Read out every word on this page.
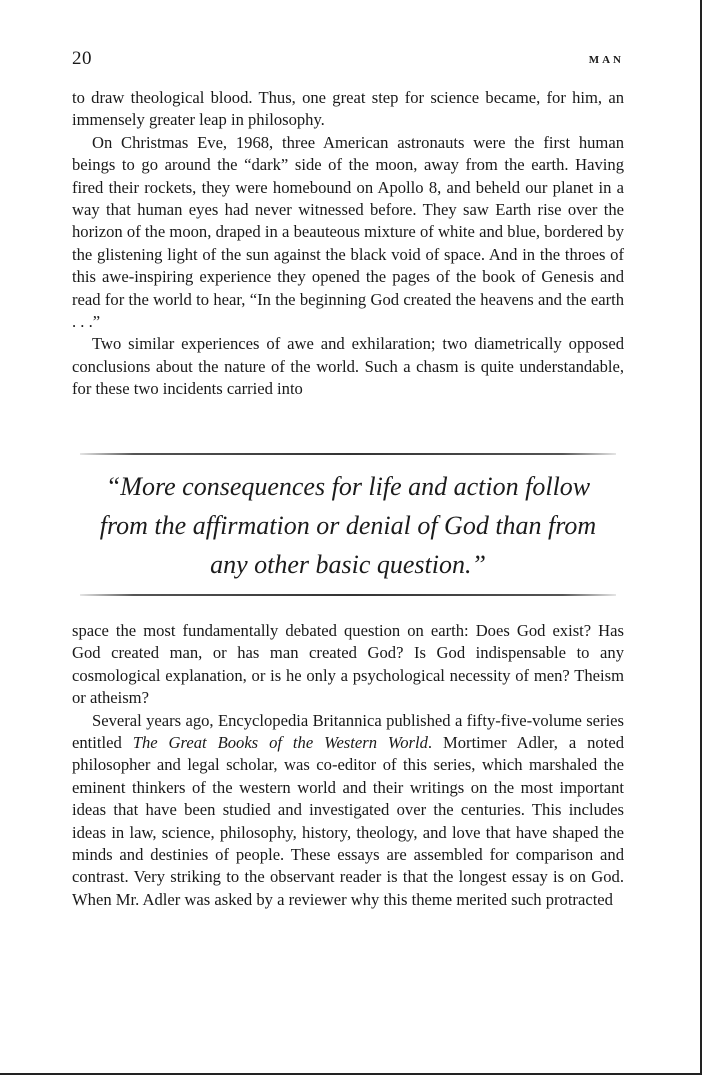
20	MAN

to draw theological blood. Thus, one great step for science became, for him, an immensely greater leap in philosophy.

On Christmas Eve, 1968, three American astronauts were the first human beings to go around the “dark” side of the moon, away from the earth. Having fired their rockets, they were homebound on Apollo 8, and beheld our planet in a way that human eyes had never witnessed before. They saw Earth rise over the horizon of the moon, draped in a beauteous mixture of white and blue, bordered by the glistening light of the sun against the black void of space. And in the throes of this awe-inspiring experience they opened the pages of the book of Genesis and read for the world to hear, “In the beginning God created the heavens and the earth . . .”

Two similar experiences of awe and exhilaration; two diametrically opposed conclusions about the nature of the world. Such a chasm is quite understandable, for these two incidents carried into

“More consequences for life and action follow
from the affirmation or denial of God than from
any other basic question.”

space the most fundamentally debated question on earth: Does God exist? Has God created man, or has man created God? Is God indispensable to any cosmological explanation, or is he only a psychological necessity of men? Theism or atheism?

Several years ago, Encyclopedia Britannica published a fifty-five-volume series entitled The Great Books of the Western World. Mortimer Adler, a noted philosopher and legal scholar, was co-editor of this series, which marshaled the eminent thinkers of the western world and their writings on the most important ideas that have been studied and investigated over the centuries. This includes ideas in law, science, philosophy, history, theology, and love that have shaped the minds and destinies of people. These essays are assembled for comparison and contrast. Very striking to the observant reader is that the longest essay is on God. When Mr. Adler was asked by a reviewer why this theme merited such protracted
